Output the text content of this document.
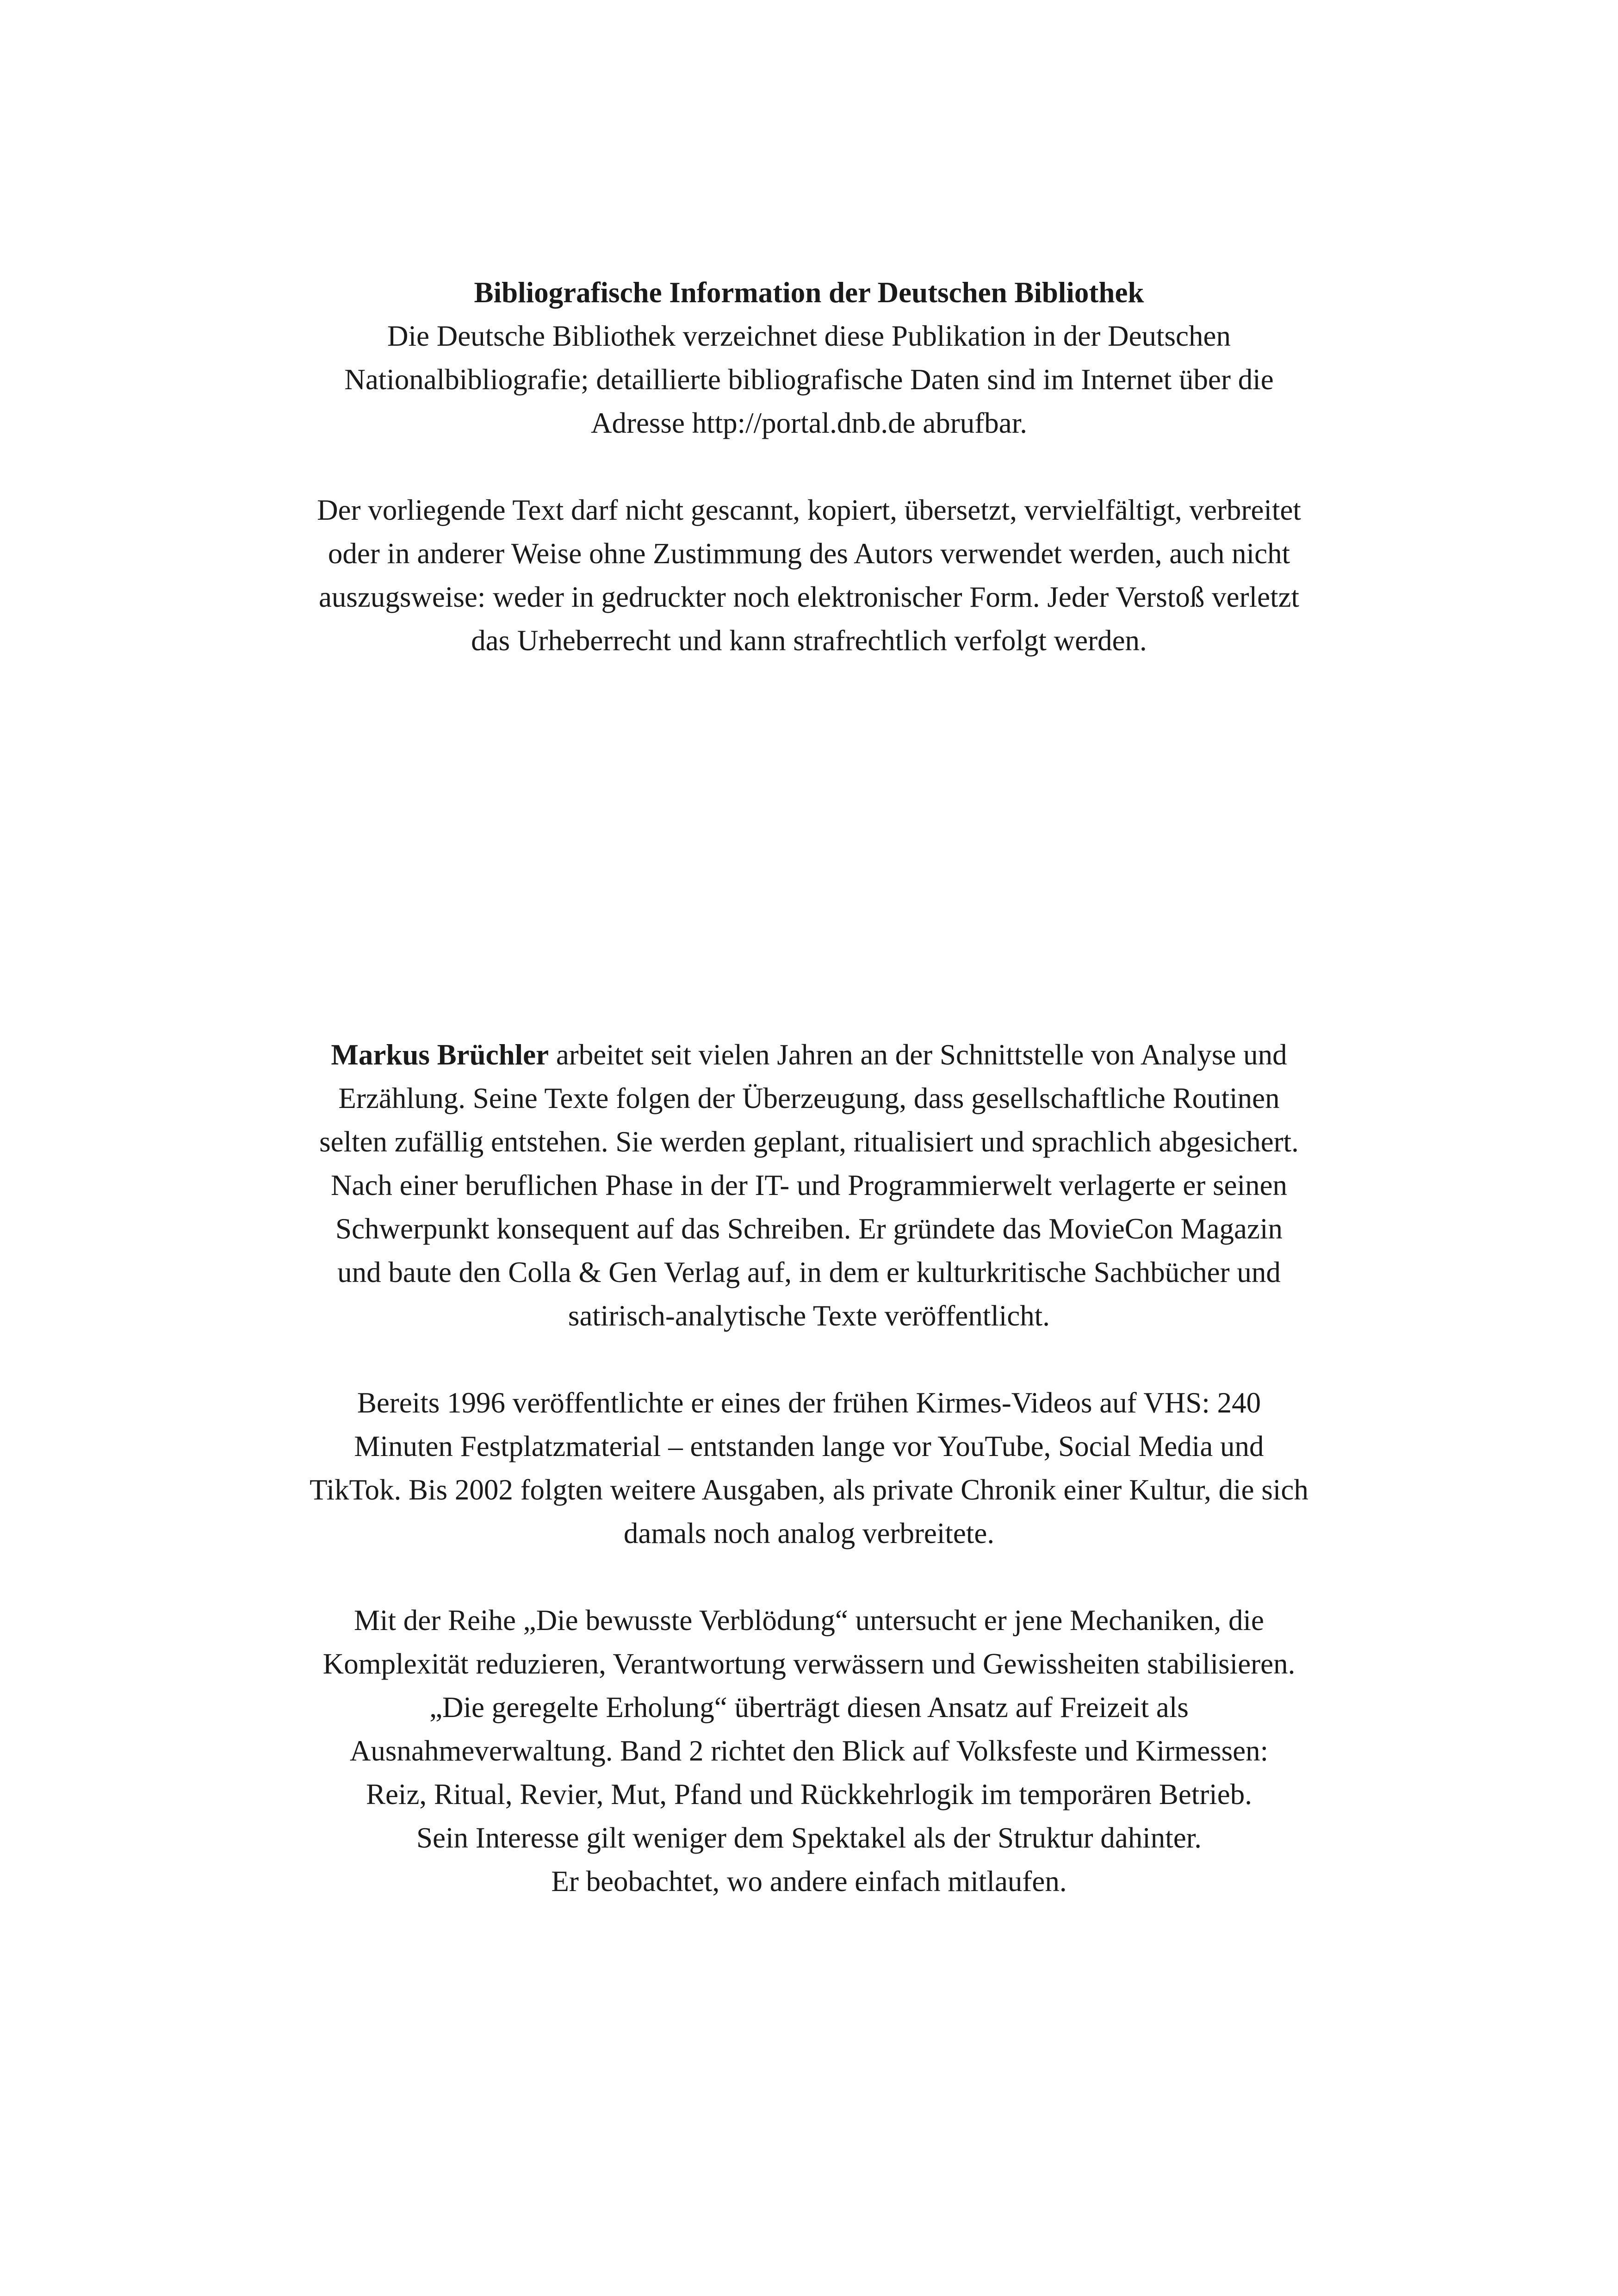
Bibliografische Information der Deutschen Bibliothek
Die Deutsche Bibliothek verzeichnet diese Publikation in der Deutschen
Nationalbibliografie; detaillierte bibliografische Daten sind im Internet über die
Adresse http://portal.dnb.de abrufbar.
Der vorliegende Text darf nicht gescannt, kopiert, übersetzt, vervielfältigt, verbreitet
oder in anderer Weise ohne Zustimmung des Autors verwendet werden, auch nicht
auszugsweise: weder in gedruckter noch elektronischer Form. Jeder Verstoß verletzt
das Urheberrecht und kann strafrechtlich verfolgt werden.
Markus Brüchler arbeitet seit vielen Jahren an der Schnittstelle von Analyse und
Erzählung. Seine Texte folgen der Überzeugung, dass gesellschaftliche Routinen
selten zufällig entstehen. Sie werden geplant, ritualisiert und sprachlich abgesichert.
Nach einer beruflichen Phase in der IT- und Programmierwelt verlagerte er seinen
Schwerpunkt konsequent auf das Schreiben. Er gründete das MovieCon Magazin
und baute den Colla & Gen Verlag auf, in dem er kulturkritische Sachbücher und
satirisch-analytische Texte veröffentlicht.
Bereits 1996 veröffentlichte er eines der frühen Kirmes-Videos auf VHS: 240
Minuten Festplatzmaterial – entstanden lange vor YouTube, Social Media und
TikTok. Bis 2002 folgten weitere Ausgaben, als private Chronik einer Kultur, die sich
damals noch analog verbreitete.
Mit der Reihe „Die bewusste Verblödung“ untersucht er jene Mechaniken, die
Komplexität reduzieren, Verantwortung verwässern und Gewissheiten stabilisieren.
„Die geregelte Erholung“ überträgt diesen Ansatz auf Freizeit als
Ausnahmeverwaltung. Band 2 richtet den Blick auf Volksfeste und Kirmessen:
Reiz, Ritual, Revier, Mut, Pfand und Rückkehrlogik im temporären Betrieb.
Sein Interesse gilt weniger dem Spektakel als der Struktur dahinter.
Er beobachtet, wo andere einfach mitlaufen.
